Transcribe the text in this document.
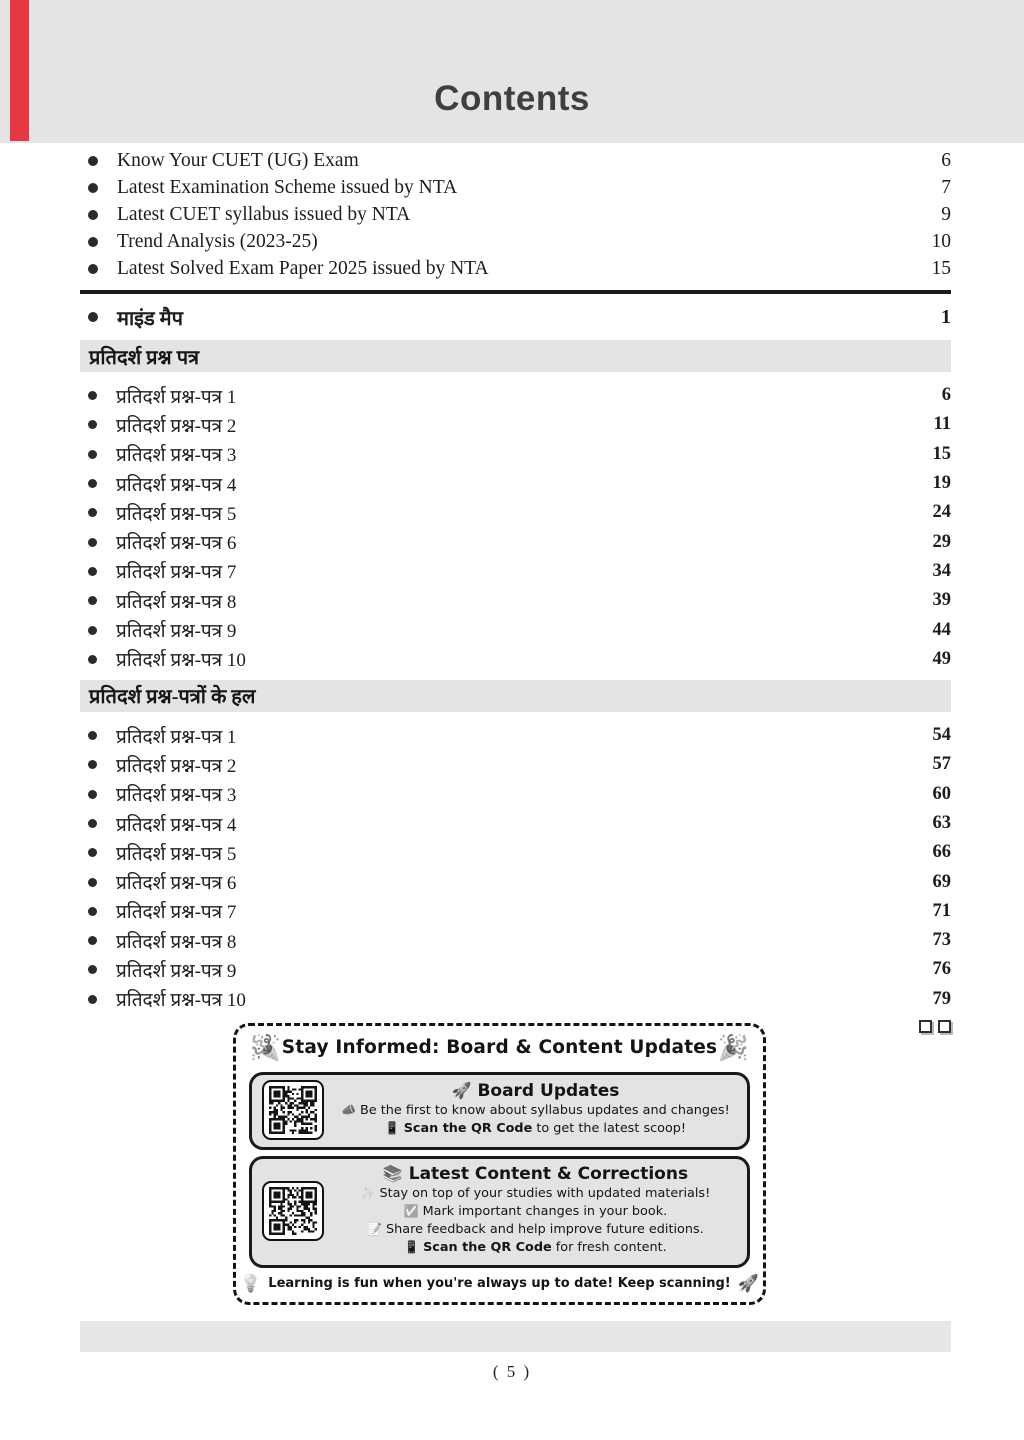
Contents
Know Your CUET (UG) Exam	6
Latest Examination Scheme issued by NTA	7
Latest CUET syllabus issued by NTA	9
Trend Analysis (2023-25)	10
Latest Solved Exam Paper 2025 issued by NTA	15
माइंड मैप	1
प्रतिदर्श प्रश्न पत्र
प्रतिदर्श प्रश्न-पत्र 1	6
प्रतिदर्श प्रश्न-पत्र 2	11
प्रतिदर्श प्रश्न-पत्र 3	15
प्रतिदर्श प्रश्न-पत्र 4	19
प्रतिदर्श प्रश्न-पत्र 5	24
प्रतिदर्श प्रश्न-पत्र 6	29
प्रतिदर्श प्रश्न-पत्र 7	34
प्रतिदर्श प्रश्न-पत्र 8	39
प्रतिदर्श प्रश्न-पत्र 9	44
प्रतिदर्श प्रश्न-पत्र 10	49
प्रतिदर्श प्रश्न-पत्रों के हल
प्रतिदर्श प्रश्न-पत्र 1	54
प्रतिदर्श प्रश्न-पत्र 2	57
प्रतिदर्श प्रश्न-पत्र 3	60
प्रतिदर्श प्रश्न-पत्र 4	63
प्रतिदर्श प्रश्न-पत्र 5	66
प्रतिदर्श प्रश्न-पत्र 6	69
प्रतिदर्श प्रश्न-पत्र 7	71
प्रतिदर्श प्रश्न-पत्र 8	73
प्रतिदर्श प्रश्न-पत्र 9	76
प्रतिदर्श प्रश्न-पत्र 10	79
🎉 Stay Informed: Board & Content Updates 🎉
🚀 Board Updates
📣 Be the first to know about syllabus updates and changes!
📱 Scan the QR Code to get the latest scoop!
📚 Latest Content & Corrections
✨ Stay on top of your studies with updated materials!
✅ Mark important changes in your book.
📝 Share feedback and help improve future editions.
📱 Scan the QR Code for fresh content.
💡 Learning is fun when you're always up to date! Keep scanning! 🚀
( 5 )
